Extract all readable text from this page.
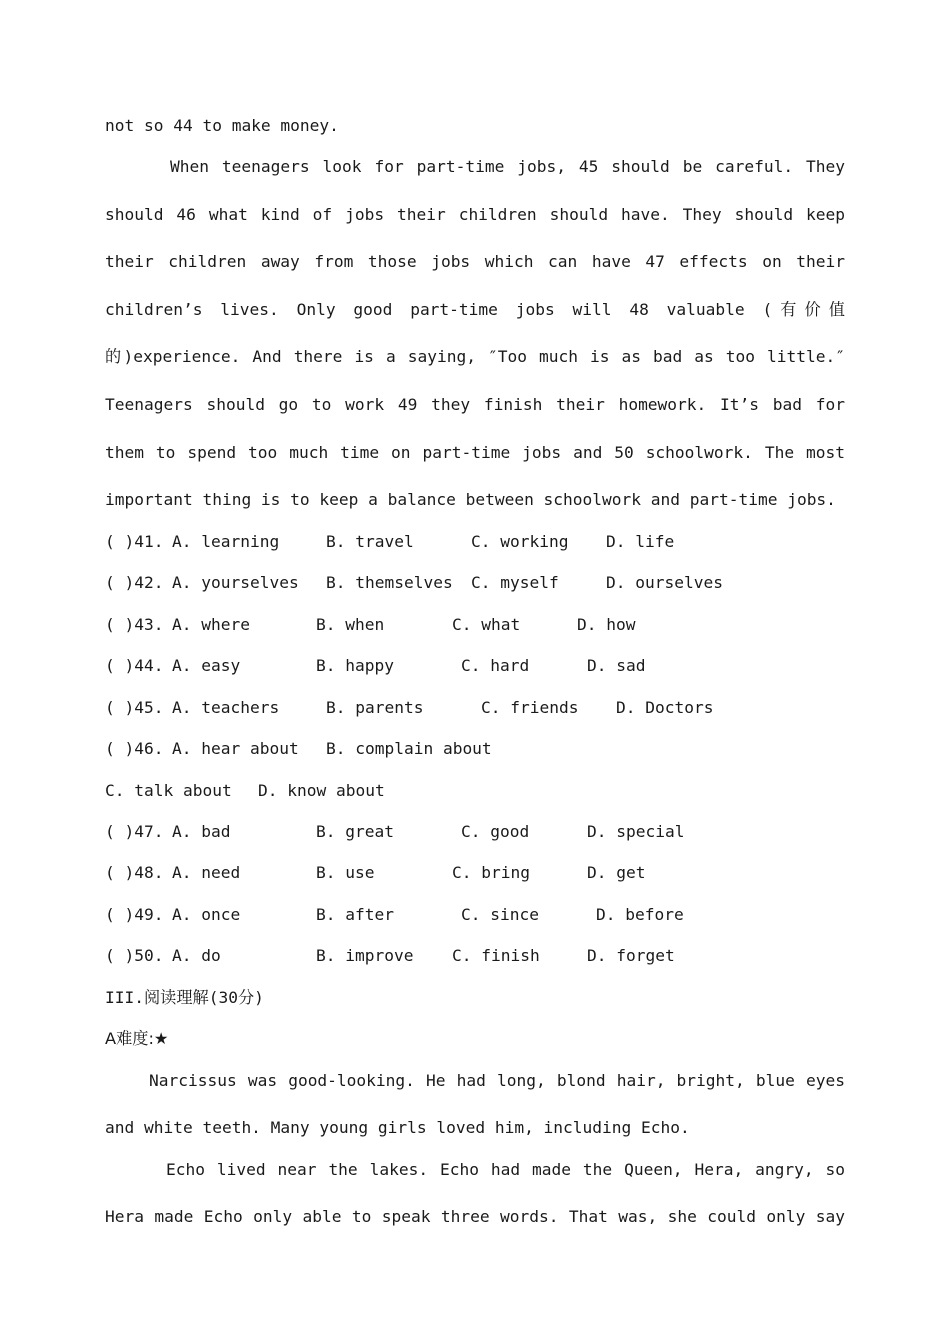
not so 44 to make money.
When teenagers look for part-time jobs, 45 should be careful. They
should 46 what kind of jobs their children should have. They should keep
their children away from those jobs which can have 47 effects on their
children’s lives. Only good part-time jobs will 48 valuable (有价值
的)experience. And there is a saying, ″Too much is as bad as too little.″
Teenagers should go to work 49 they finish their homework. It’s bad for
them to spend too much time on part-time jobs and 50 schoolwork. The most
important thing is to keep a balance between schoolwork and part-time jobs.
( )41. A. learning	B. travel	C. working D. life
( )42. A. yourselves B. themselves C. myself	D. ourselves
( )43. A. where	B. when	C. what	D. how
( )44. A. easy	B. happy	C. hard	D. sad
( )45. A. teachers	B. parents	C. friends D. Doctors
( )46. A. hear about B. complain about
C. talk about D. know about
( )47. A. bad	B. great	C. good	D. special
( )48. A. need	B. use	C. bring	D. get
( )49. A. once	B. after	C. since	D. before
( )50. A. do	B. improve C. finish	D. forget
III.阅读理解(30分)
A难度:★
Narcissus was good-looking. He had long, blond hair, bright, blue eyes
and white teeth. Many young girls loved him, including Echo.
Echo lived near the lakes. Echo had made the Queen, Hera, angry, so
Hera made Echo only able to speak three words. That was, she could only say
